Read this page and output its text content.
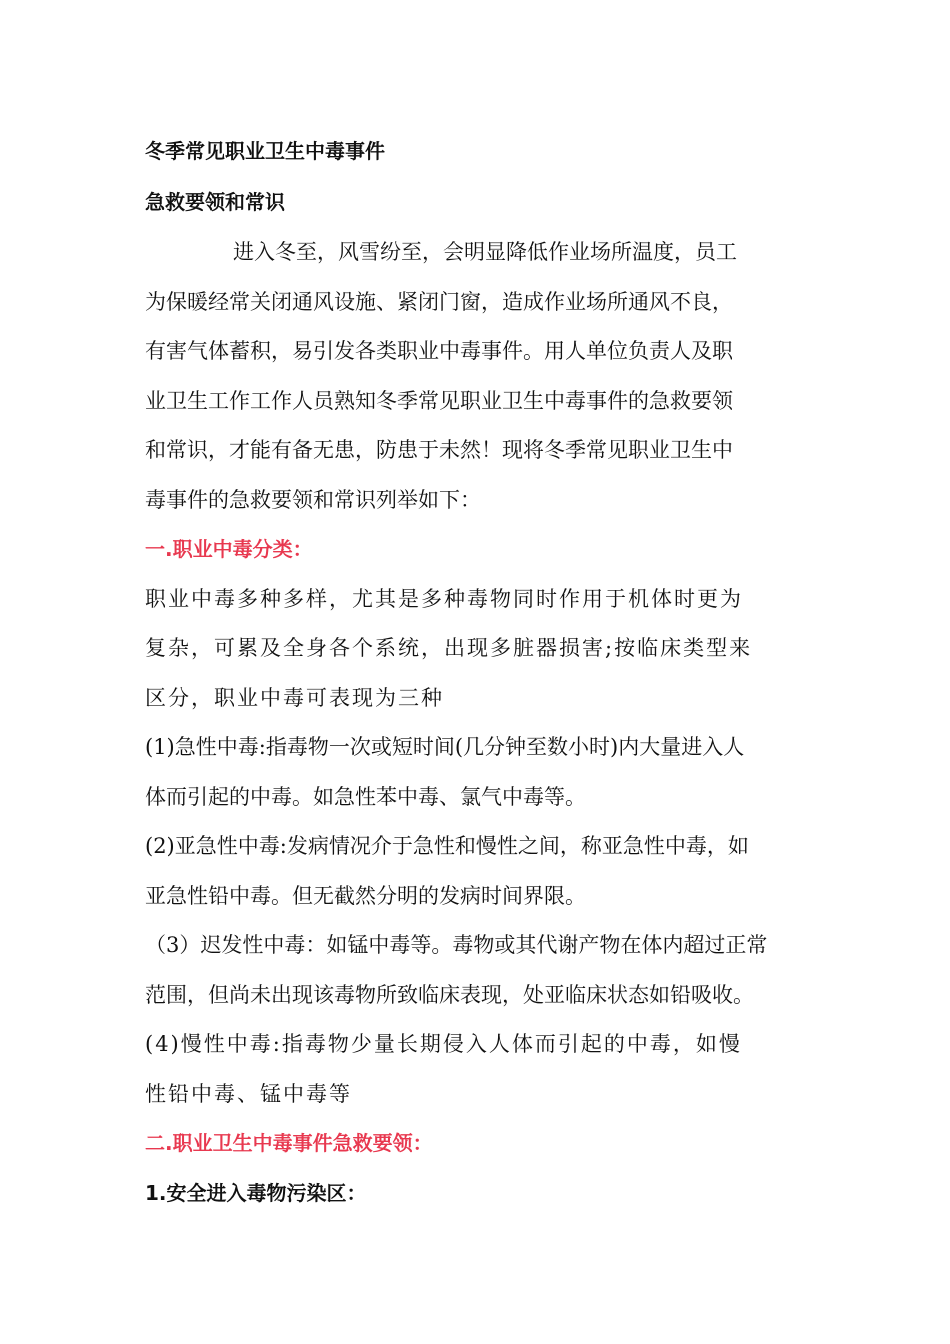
冬季常见职业卫生中毒事件
急救要领和常识
进入冬至，风雪纷至，会明显降低作业场所温度，员工
为保暖经常关闭通风设施、紧闭门窗，造成作业场所通风不良，
有害气体蓄积，易引发各类职业中毒事件。用人单位负责人及职
业卫生工作工作人员熟知冬季常见职业卫生中毒事件的急救要领
和常识，才能有备无患，防患于未然！现将冬季常见职业卫生中
毒事件的急救要领和常识列举如下：
一.职业中毒分类：
职业中毒多种多样，尤其是多种毒物同时作用于机体时更为
复杂，可累及全身各个系统，出现多脏器损害;按临床类型来
区分，职业中毒可表现为三种
(1)急性中毒:指毒物一次或短时间(几分钟至数小时)内大量进入人
体而引起的中毒。如急性苯中毒、氯气中毒等。
(2)亚急性中毒:发病情况介于急性和慢性之间，称亚急性中毒，如
亚急性铅中毒。但无截然分明的发病时间界限。
（3）迟发性中毒：如锰中毒等。毒物或其代谢产物在体内超过正常
范围，但尚未出现该毒物所致临床表现，处亚临床状态如铅吸收。
(4)慢性中毒:指毒物少量长期侵入人体而引起的中毒，如慢
性铅中毒、锰中毒等
二.职业卫生中毒事件急救要领：
1.安全进入毒物污染区：
